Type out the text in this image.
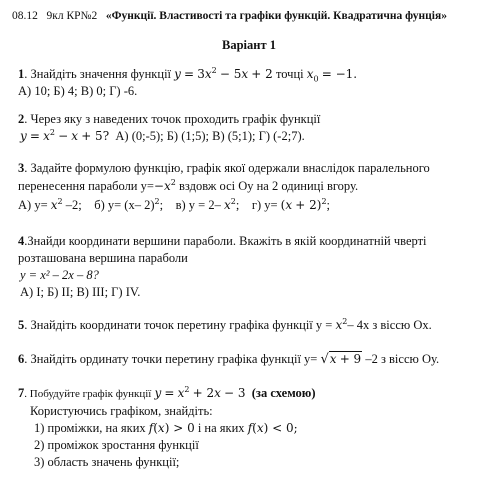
08.12 9кл КР№2 «Функції. Властивості та графіки функцій. Квадратична фунція»
Варіант 1
1. Знайдіть значення функції $y = 3x^2 - 5x + 2$ точці $x_0 = -1$.
А) 10; Б) 4; В) 0; Г) -6.
2. Через яку з наведених точок проходить графік функції
$y = x^2 - x + 5$? А) (0;-5); Б) (1;5); В) (5;1); Г) (-2;7).
3. Задайте формулою функцію, графік якої одержали внаслідок паралельного
перенесення параболи $y=-x^2$ вздовж осі Оу на 2 одиниці вгору.
А) $y= x^2$ –2; б) y= (x– 2)$^2$; в) y = 2– $x^2$; г) $y= (x + 2)^2$;
4.Знайди координати вершини параболи. Вкажіть в якій координатній чверті
розташована вершина параболи
y = x² – 2x – 8?
А) І; Б) ІІ; В) ІІІ; Г) IV.
5. Знайдіть координати точок перетину графіка функції $y = x^2-$ 4x з віссю Ох.
6. Знайдіть ординату точки перетину графіка функції y= √x + 9 –2 з віссю Оу.
7. Побудуйте графік функції $y = x^2 + 2x - 3$ (за схемою)
Користуючись графіком, знайдіть:
1) проміжки, на яких f(x) > 0 і на яких f(x) < 0;
2) проміжок зростання функції
3) область значень функції;
